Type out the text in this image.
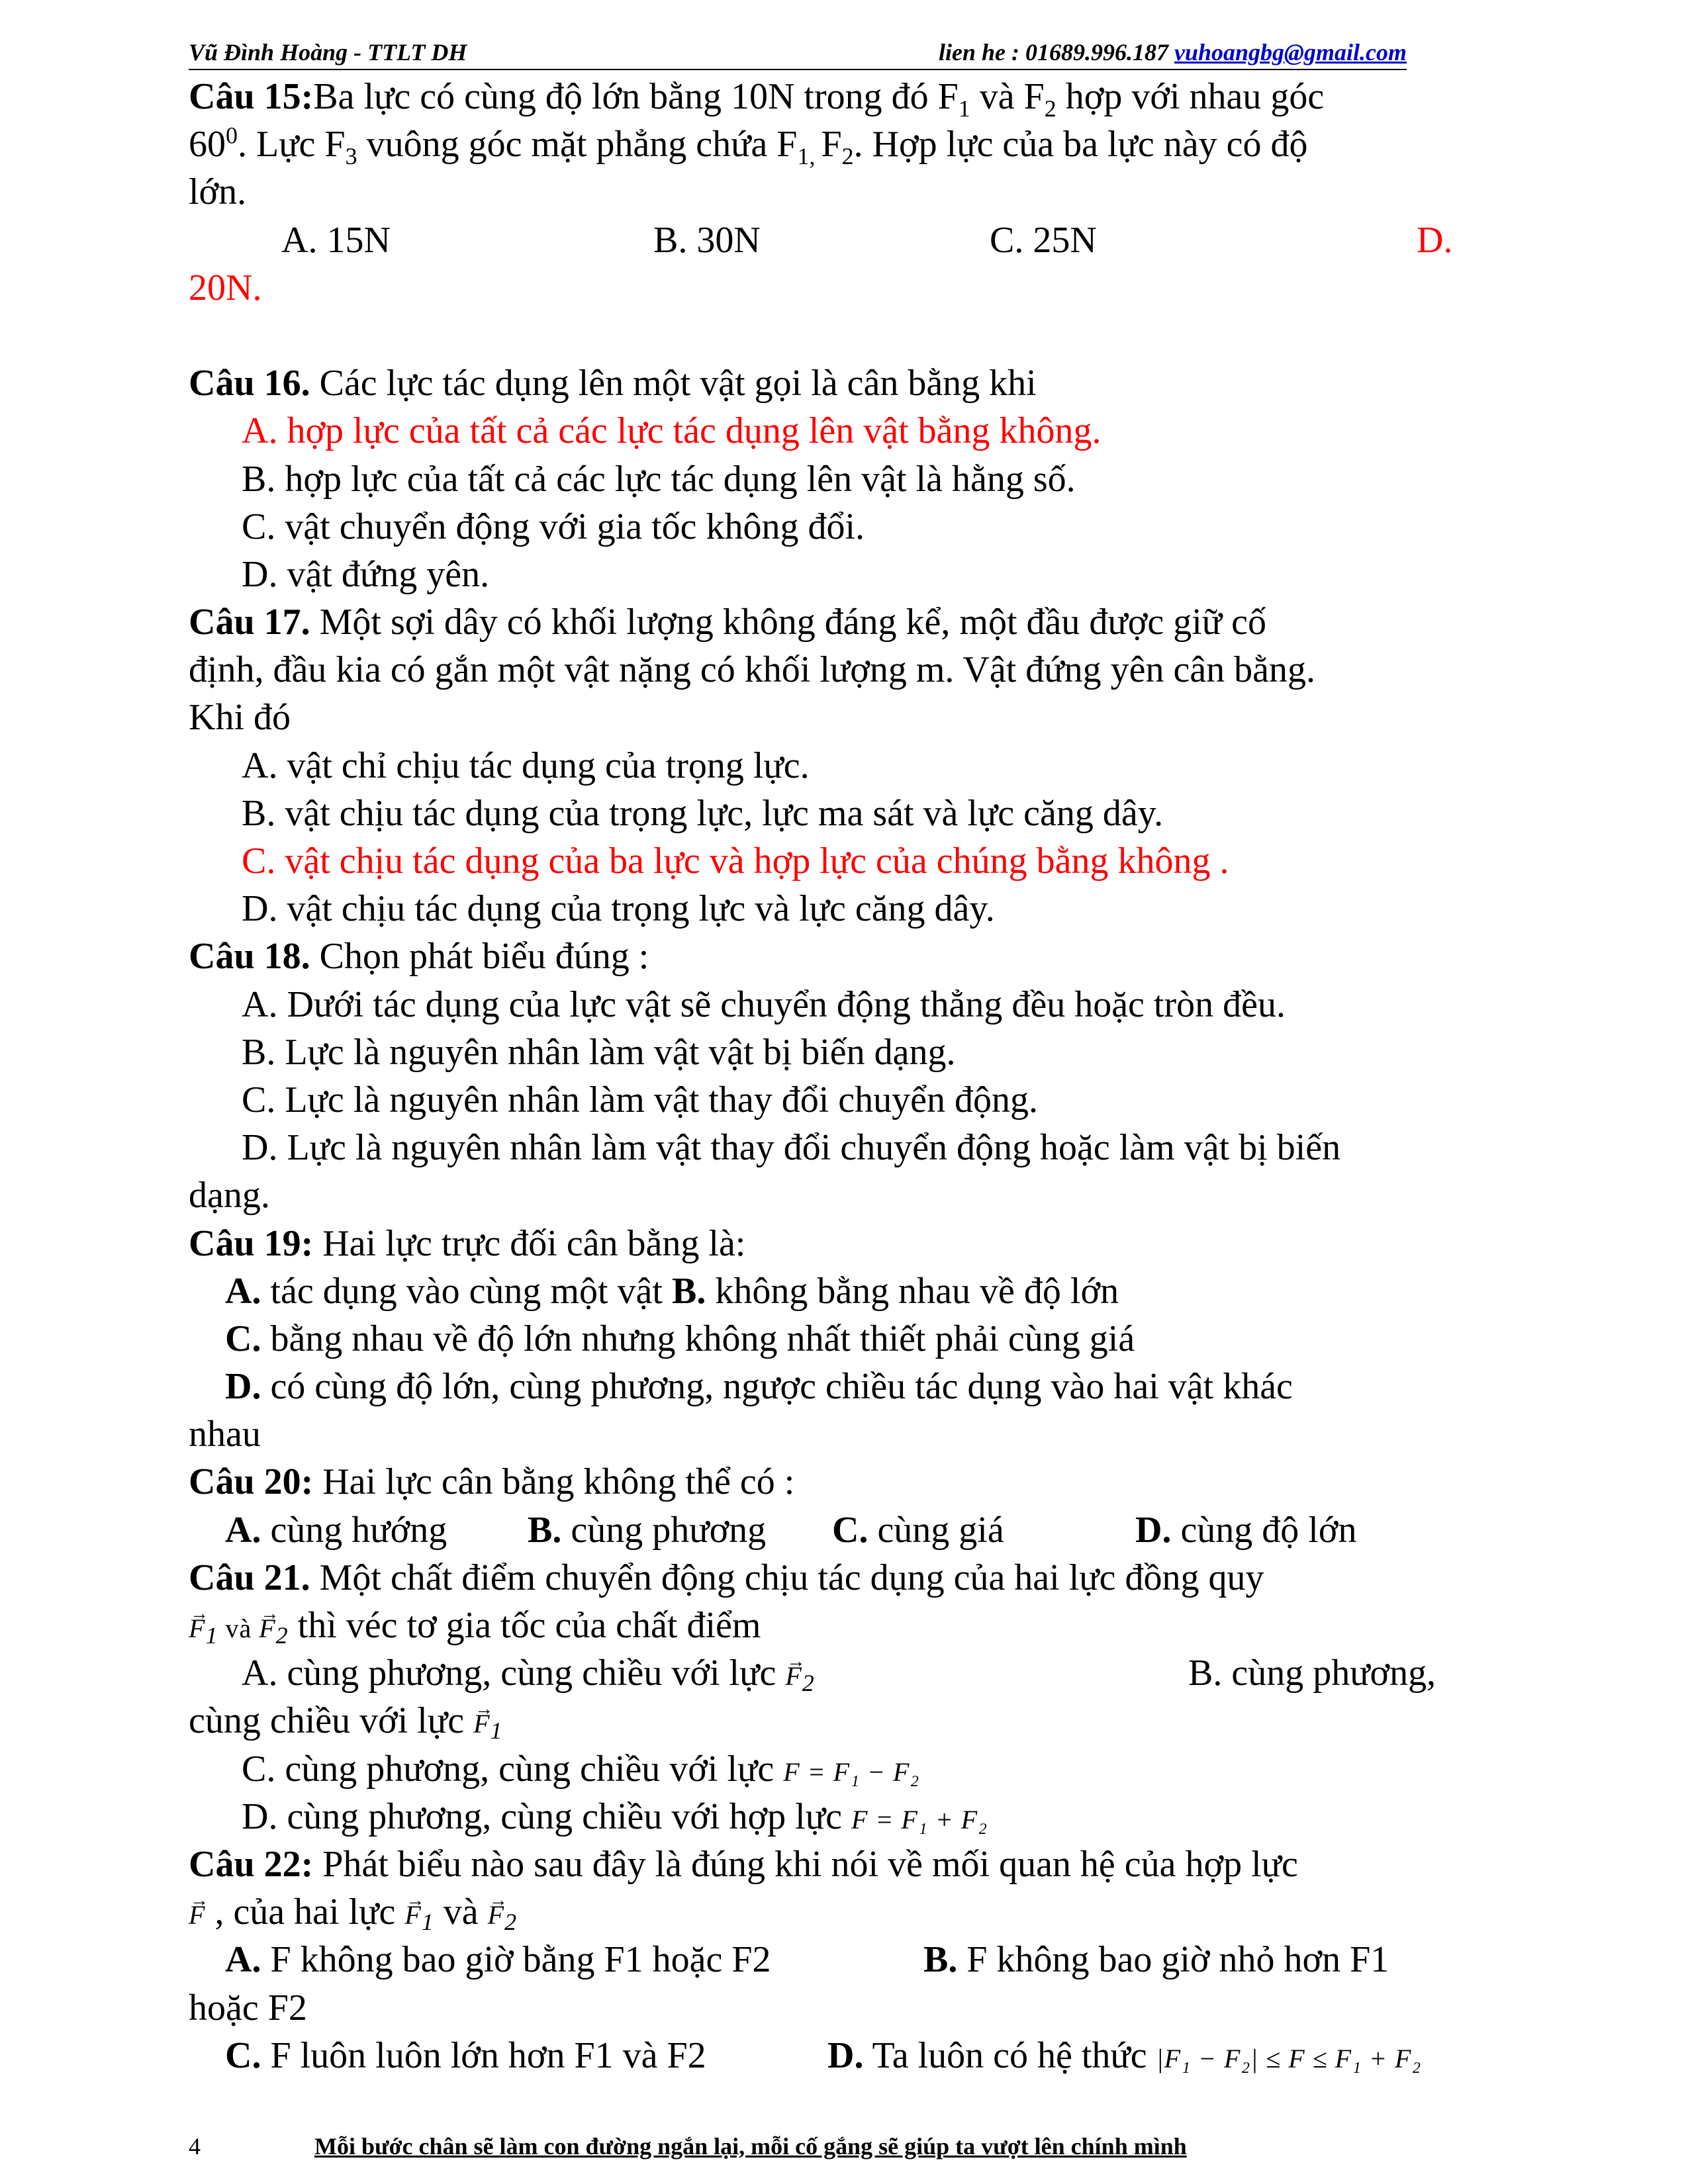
Vũ Đình Hoàng - TTLT DH	lien he : 01689.996.187 vuhoangbg@gmail.com
Câu 15:Ba lực có cùng độ lớn bằng 10N trong đó $F_1$ và $F_2$ hợp với nhau góc
$60^0$. Lực $F_3$ vuông góc mặt phẳng chứa $F_{1,}$ $F_2$. Hợp lực của ba lực này có độ
lớn.
A. 15N	B. 30N	C. 25N	D.
20N.
Câu 16. Các lực tác dụng lên một vật gọi là cân bằng khi
A. hợp lực của tất cả các lực tác dụng lên vật bằng không.
B. hợp lực của tất cả các lực tác dụng lên vật là hằng số.
C. vật chuyển động với gia tốc không đổi.
D. vật đứng yên.
Câu 17. Một sợi dây có khối lượng không đáng kể, một đầu được giữ cố
định, đầu kia có gắn một vật nặng có khối lượng m. Vật đứng yên cân bằng.
Khi đó
A. vật chỉ chịu tác dụng của trọng lực.
B. vật chịu tác dụng của trọng lực, lực ma sát và lực căng dây.
C. vật chịu tác dụng của ba lực và hợp lực của chúng bằng không .
D. vật chịu tác dụng của trọng lực và lực căng dây.
Câu 18. Chọn phát biểu đúng :
A. Dưới tác dụng của lực vật sẽ chuyển động thẳng đều hoặc tròn đều.
B. Lực là nguyên nhân làm vật vật bị biến dạng.
C. Lực là nguyên nhân làm vật thay đổi chuyển động.
D. Lực là nguyên nhân làm vật thay đổi chuyển động hoặc làm vật bị biến
dạng.
Câu 19: Hai lực trực đối cân bằng là:
A. tác dụng vào cùng một vật B. không bằng nhau về độ lớn
C. bằng nhau về độ lớn nhưng không nhất thiết phải cùng giá
D. có cùng độ lớn, cùng phương, ngược chiều tác dụng vào hai vật khác
nhau
Câu 20: Hai lực cân bằng không thể có :
A. cùng hướng B. cùng phương C. cùng giá	D. cùng độ lớn
Câu 21. Một chất điểm chuyển động chịu tác dụng của hai lực đồng quy
→ $F_1$ và → $F_2$ thì véc tơ gia tốc của chất điểm
A. cùng phương, cùng chiều với lực → $F_2$	B. cùng phương,
cùng chiều với lực → $F_1$
C. cùng phương, cùng chiều với lực F = F₁ − F₂
D. cùng phương, cùng chiều với hợp lực F = F₁ + F₂
Câu 22: Phát biểu nào sau đây là đúng khi nói về mối quan hệ của hợp lực
→ F , của hai lực → $F_1$ và → $F_2$
A. F không bao giờ bằng F1 hoặc F2	B. F không bao giờ nhỏ hơn F1
hoặc F2
C. F luôn luôn lớn hơn F1 và F2	D. Ta luôn có hệ thức |F₁ − F₂| ≤ F ≤ F₁ + F₂
4	Mỗi bước chân sẽ làm con đường ngắn lại, mỗi cố gắng sẽ giúp ta vượt lên chính mình
